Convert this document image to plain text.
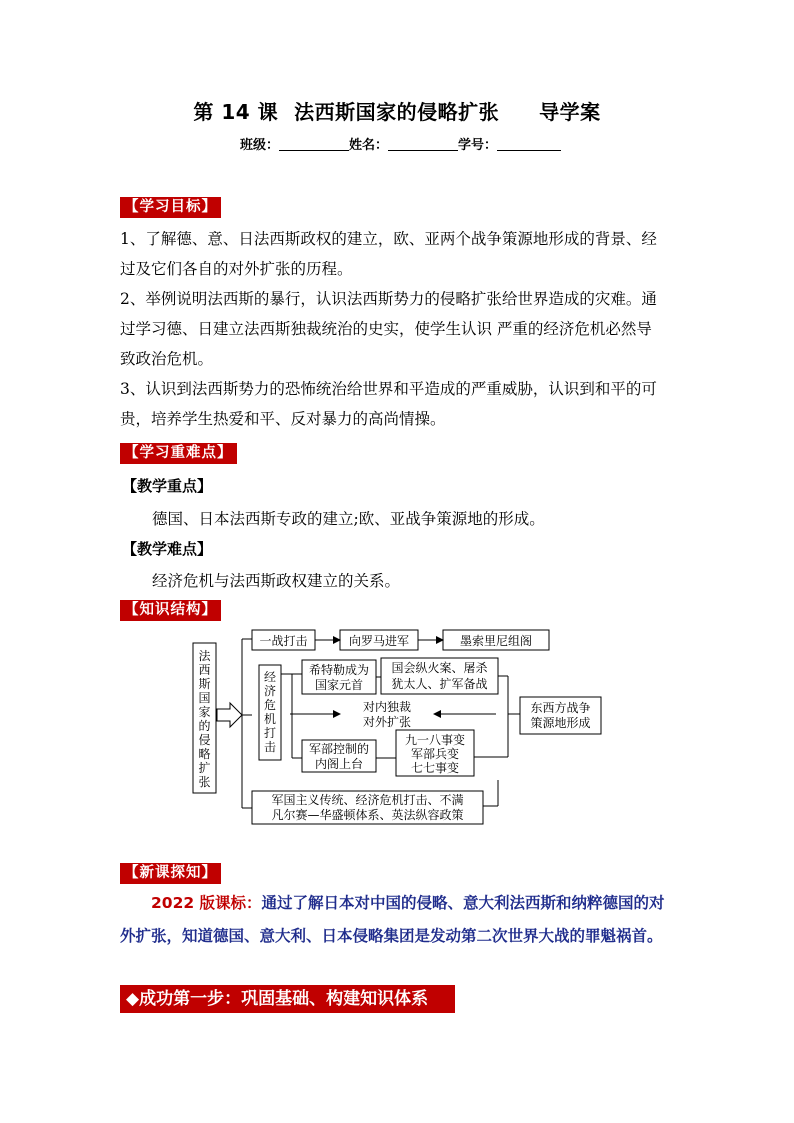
第 14 课 法西斯国家的侵略扩张 导学案
班级：	姓名：	学号：
【学习目标】
1、了解德、意、日法西斯政权的建立，欧、亚两个战争策源地形成的背景、经
过及它们各自的对外扩张的历程。
2、举例说明法西斯的暴行，认识法西斯势力的侵略扩张给世界造成的灾难。通
过学习德、日建立法西斯独裁统治的史实，使学生认识 严重的经济危机必然导
致政治危机。
3、认识到法西斯势力的恐怖统治给世界和平造成的严重威胁，认识到和平的可
贵，培养学生热爱和平、反对暴力的高尚情操。
【学习重难点】
【教学重点】
德国、日本法西斯专政的建立;欧、亚战争策源地的形成。
【教学难点】
经济危机与法西斯政权建立的关系。
【知识结构】
法
西
斯
国
家
的
侵
略
扩
张
经
济
危
机
打
击
一战打击	向罗马进军	墨索里尼组阁
希特勒成为
国家元首
国会纵火案、屠杀
犹太人、扩军备战
对内独裁
对外扩张
东西方战争
策源地形成
军部控制的
内阁上台
九一八事变
军部兵变
七七事变
军国主义传统、经济危机打击、不满
凡尔赛—华盛顿体系、英法纵容政策
【新课探知】
2022 版课标：通过了解日本对中国的侵略、意大利法西斯和纳粹德国的对
外扩张，知道德国、意大利、日本侵略集团是发动第二次世界大战的罪魁祸首。
◆成功第一步：巩固基础、构建知识体系
